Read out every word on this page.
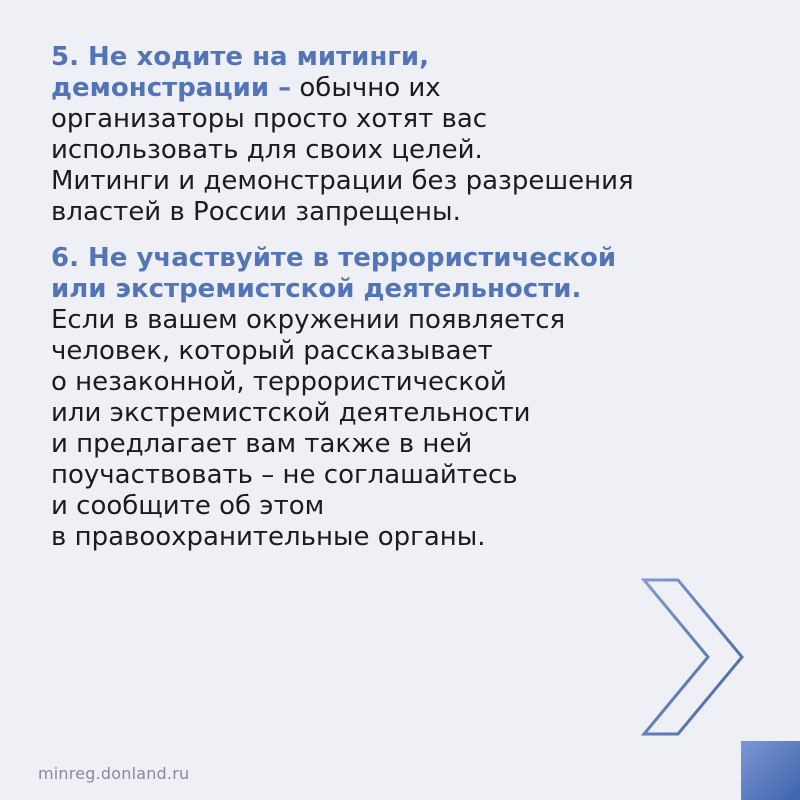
5. Не ходите на митинги,
демонстрации – обычно их
организаторы просто хотят вас
использовать для своих целей.
Митинги и демонстрации без разрешения
властей в России запрещены.

6. Не участвуйте в террористической
или экстремистской деятельности.
Если в вашем окружении появляется
человек, который рассказывает
о незаконной, террористической
или экстремистской деятельности
и предлагает вам также в ней
поучаствовать – не соглашайтесь
и сообщите об этом
в правоохранительные органы.

minreg.donland.ru
